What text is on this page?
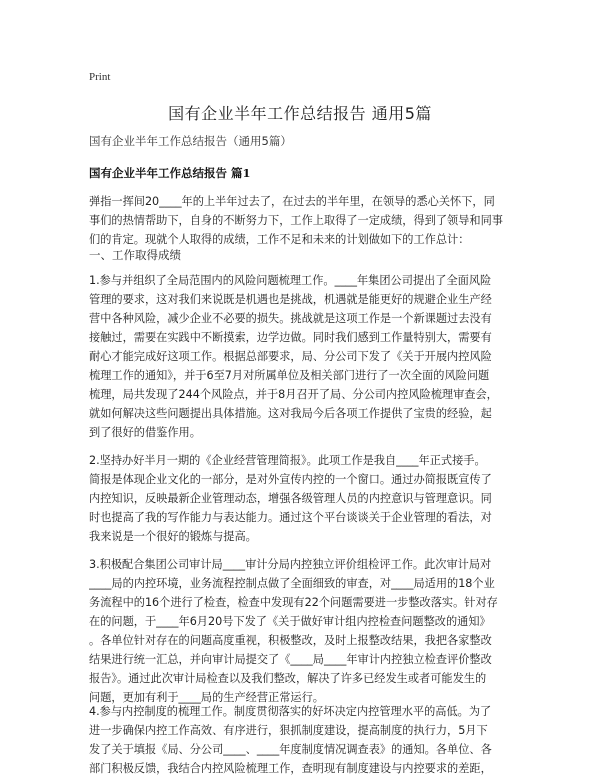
Print
国有企业半年工作总结报告 通用5篇
国有企业半年工作总结报告（通用5篇）
国有企业半年工作总结报告 篇1
弹指一挥间20____年的上半年过去了，在过去的半年里，在领导的悉心关怀下，同
事们的热情帮助下，自身的不断努力下，工作上取得了一定成绩，得到了领导和同事
们的肯定。现就个人取得的成绩，工作不足和未来的计划做如下的工作总计：
一、工作取得成绩
1.参与并组织了全局范围内的风险问题梳理工作。____年集团公司提出了全面风险
管理的要求，这对我们来说既是机遇也是挑战，机遇就是能更好的规避企业生产经
营中各种风险，减少企业不必要的损失。挑战就是这项工作是一个新课题过去没有
接触过，需要在实践中不断摸索，边学边做。同时我们感到工作量特别大，需要有
耐心才能完成好这项工作。根据总部要求，局、分公司下发了《关于开展内控风险
梳理工作的通知》，并于6至7月对所属单位及相关部门进行了一次全面的风险问题
梳理，局共发现了244个风险点，并于8月召开了局、分公司内控风险梳理审查会，
就如何解决这些问题提出具体措施。这对我局今后各项工作提供了宝贵的经验，起
到了很好的借鉴作用。
2.坚持办好半月一期的《企业经营管理简报》。此项工作是我自____年正式接手。
简报是体现企业文化的一部分，是对外宣传内控的一个窗口。通过办简报既宣传了
内控知识，反映最新企业管理动态，增强各级管理人员的内控意识与管理意识。同
时也提高了我的写作能力与表达能力。通过这个平台谈谈关于企业管理的看法，对
我来说是一个很好的锻炼与提高。
3.积极配合集团公司审计局____审计分局内控独立评价组检评工作。此次审计局对
____局的内控环境，业务流程控制点做了全面细致的审查，对____局适用的18个业
务流程中的16个进行了检查，检查中发现有22个问题需要进一步整改落实。针对存
在的问题，于____年6月20号下发了《关于做好审计组内控检查问题整改的通知》
。各单位针对存在的问题高度重视，积极整改，及时上报整改结果，我把各家整改
结果进行统一汇总，并向审计局提交了《____局____年审计内控独立检查评价整改
报告》。通过此次审计局检查以及我们整改，解决了许多已经发生或者可能发生的
问题，更加有利于____局的生产经营正常运行。
4.参与内控制度的梳理工作。制度贯彻落实的好坏决定内控管理水平的高低。为了
进一步确保内控工作高效、有序进行，狠抓制度建设，提高制度的执行力，5月下
发了关于填报《局、分公司____、____年度制度情况调查表》的通知。各单位、各
部门积极反馈，我结合内控风险梳理工作，查明现有制度建设与内控要求的差距，
